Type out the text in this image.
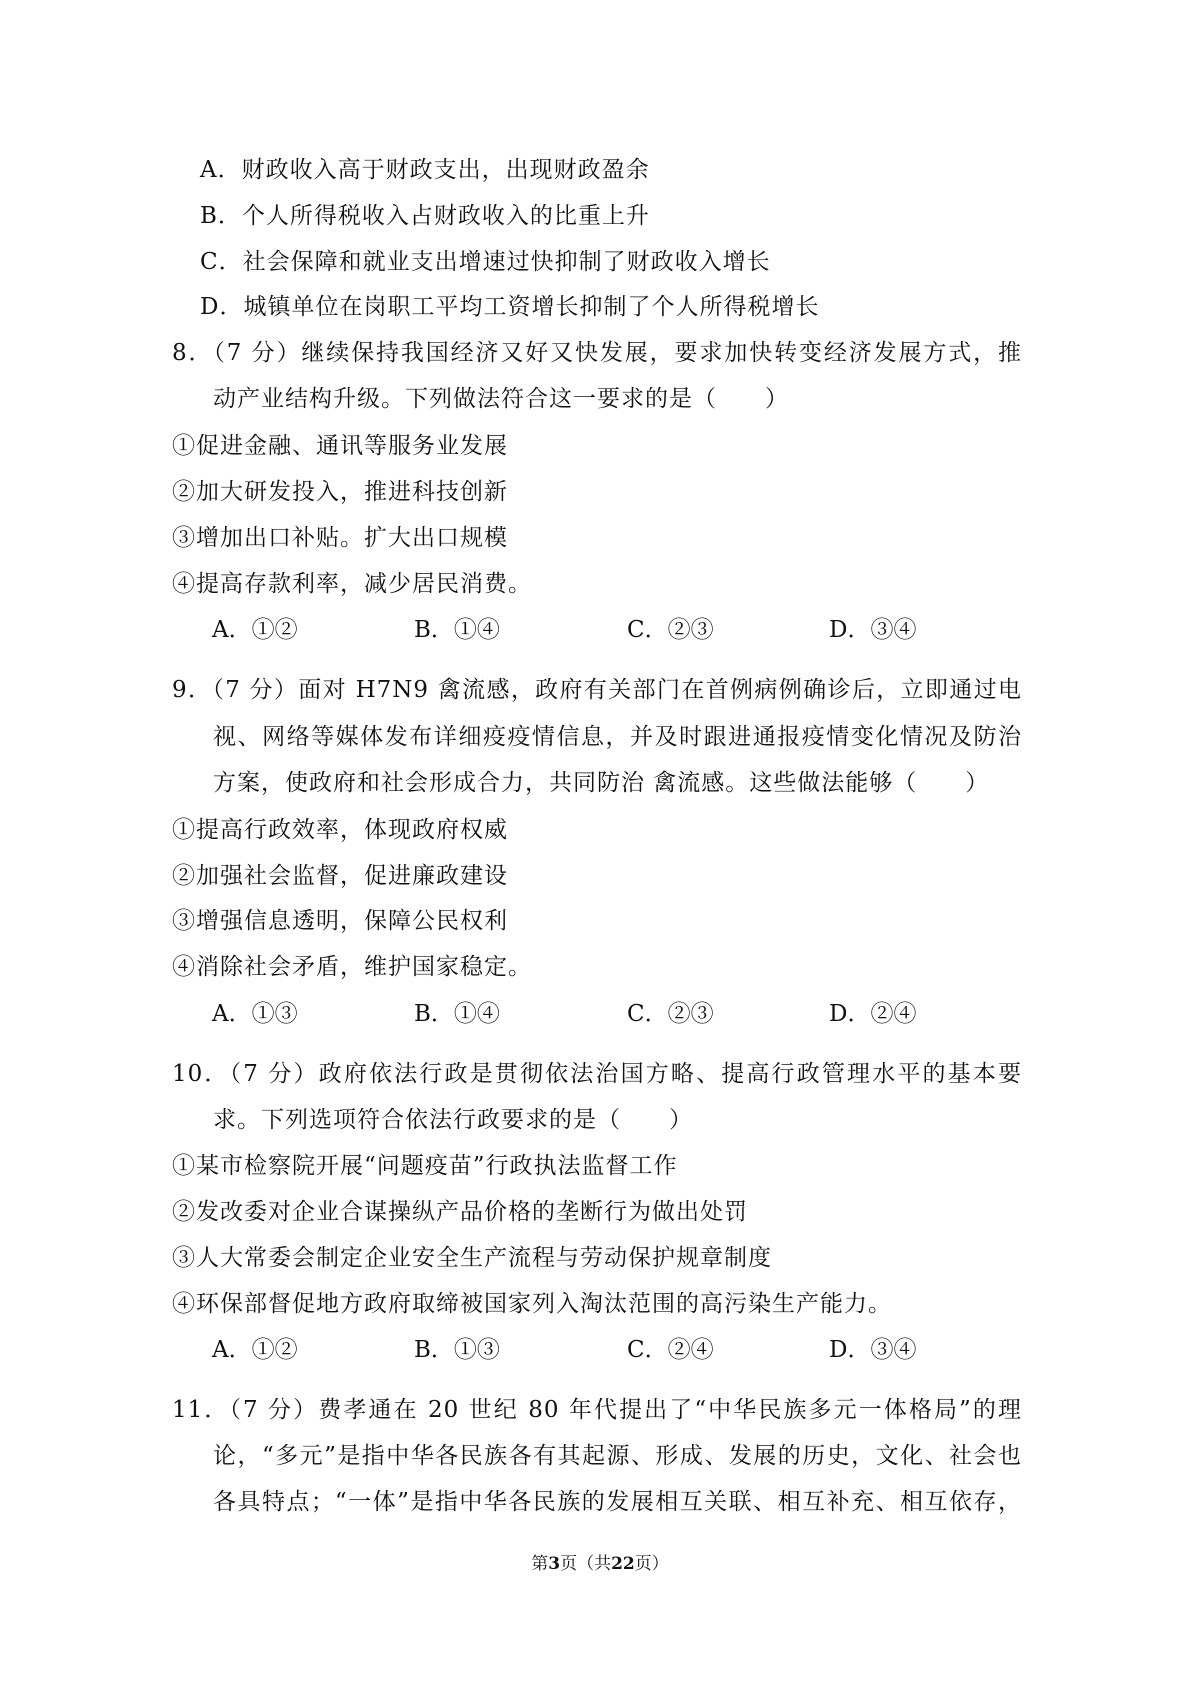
A．财政收入高于财政支出，出现财政盈余
B．个人所得税收入占财政收入的比重上升
C．社会保障和就业支出增速过快抑制了财政收入增长
D．城镇单位在岗职工平均工资增长抑制了个人所得税增长
8．（7 分）继续保持我国经济又好又快发展，要求加快转变经济发展方式，推
动产业结构升级。下列做法符合这一要求的是（　　）
①促进金融、通讯等服务业发展
②加大研发投入，推进科技创新
③增加出口补贴。扩大出口规模
④提高存款利率，减少居民消费。
A．①②	B．①④	C．②③	D．③④
9．（7 分）面对 H7N9 禽流感，政府有关部门在首例病例确诊后，立即通过电
视、网络等媒体发布详细疫疫情信息，并及时跟进通报疫情变化情况及防治
方案，使政府和社会形成合力，共同防治 禽流感。这些做法能够（　　）
①提高行政效率，体现政府权威
②加强社会监督，促进廉政建设
③增强信息透明，保障公民权利
④消除社会矛盾，维护国家稳定。
A．①③	B．①④	C．②③	D．②④
10．（7 分）政府依法行政是贯彻依法治国方略、提高行政管理水平的基本要
求。下列选项符合依法行政要求的是（　　）
①某市检察院开展“问题疫苗”行政执法监督工作
②发改委对企业合谋操纵产品价格的垄断行为做出处罚
③人大常委会制定企业安全生产流程与劳动保护规章制度
④环保部督促地方政府取缔被国家列入淘汰范围的高污染生产能力。
A．①②	B．①③	C．②④	D．③④
11．（7 分）费孝通在 20 世纪 80 年代提出了“中华民族多元一体格局”的理
论，“多元”是指中华各民族各有其起源、形成、发展的历史，文化、社会也
各具特点；“一体”是指中华各民族的发展相互关联、相互补充、相互依存，
第3页（共22页）
